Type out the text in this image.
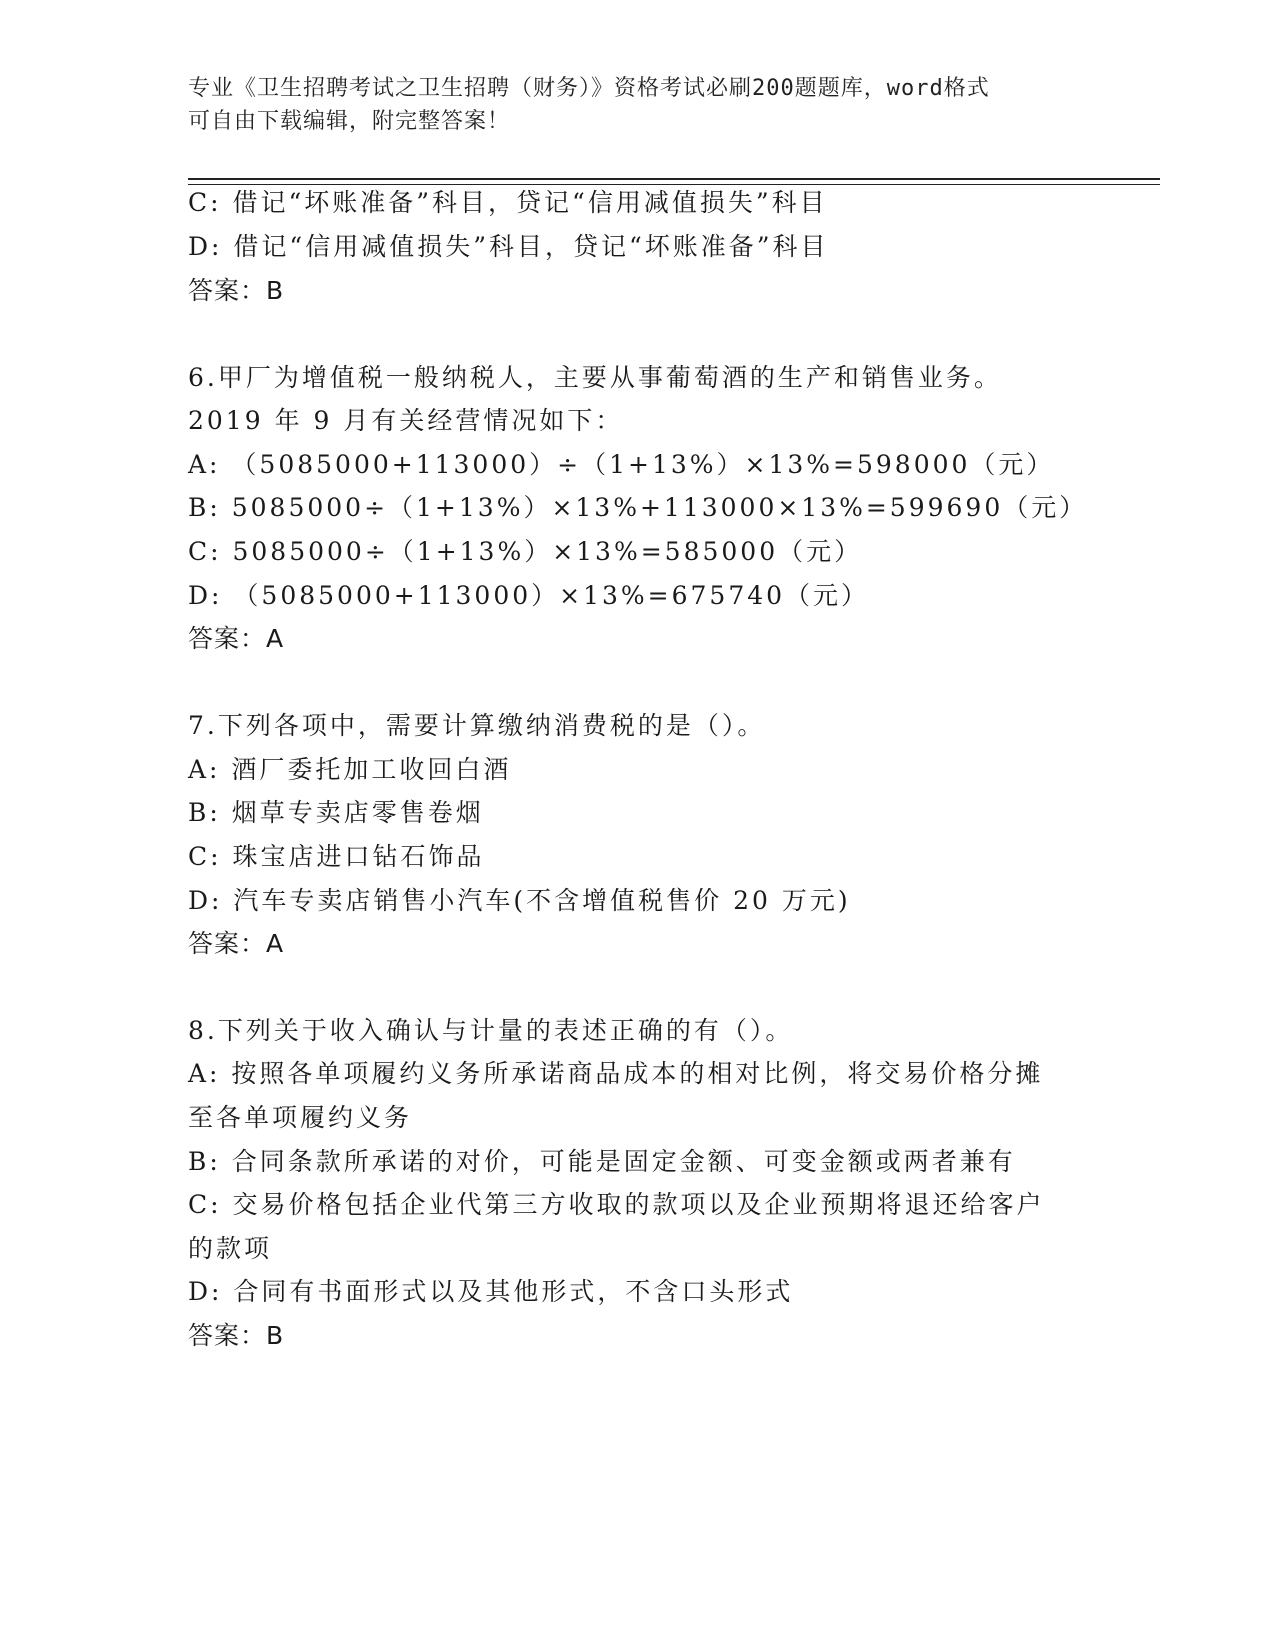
专业《卫生招聘考试之卫生招聘（财务）》资格考试必刷200题题库，word格式
可自由下载编辑，附完整答案！
C: 借记“坏账准备”科目，贷记“信用减值损失”科目
D: 借记“信用减值损失”科目，贷记“坏账准备”科目
答案：B
6.甲厂为增值税一般纳税人，主要从事葡萄酒的生产和销售业务。
2019 年 9 月有关经营情况如下：
A: （5085000+113000）÷（1+13%）×13%=598000（元）
B: 5085000÷（1+13%）×13%+113000×13%=599690（元）
C: 5085000÷（1+13%）×13%=585000（元）
D: （5085000+113000）×13%=675740（元）
答案：A
7.下列各项中，需要计算缴纳消费税的是（）。
A: 酒厂委托加工收回白酒
B: 烟草专卖店零售卷烟
C: 珠宝店进口钻石饰品
D: 汽车专卖店销售小汽车(不含增值税售价 20 万元)
答案：A
8.下列关于收入确认与计量的表述正确的有（）。
A: 按照各单项履约义务所承诺商品成本的相对比例，将交易价格分摊
至各单项履约义务
B: 合同条款所承诺的对价，可能是固定金额、可变金额或两者兼有
C: 交易价格包括企业代第三方收取的款项以及企业预期将退还给客户
的款项
D: 合同有书面形式以及其他形式，不含口头形式
答案：B
